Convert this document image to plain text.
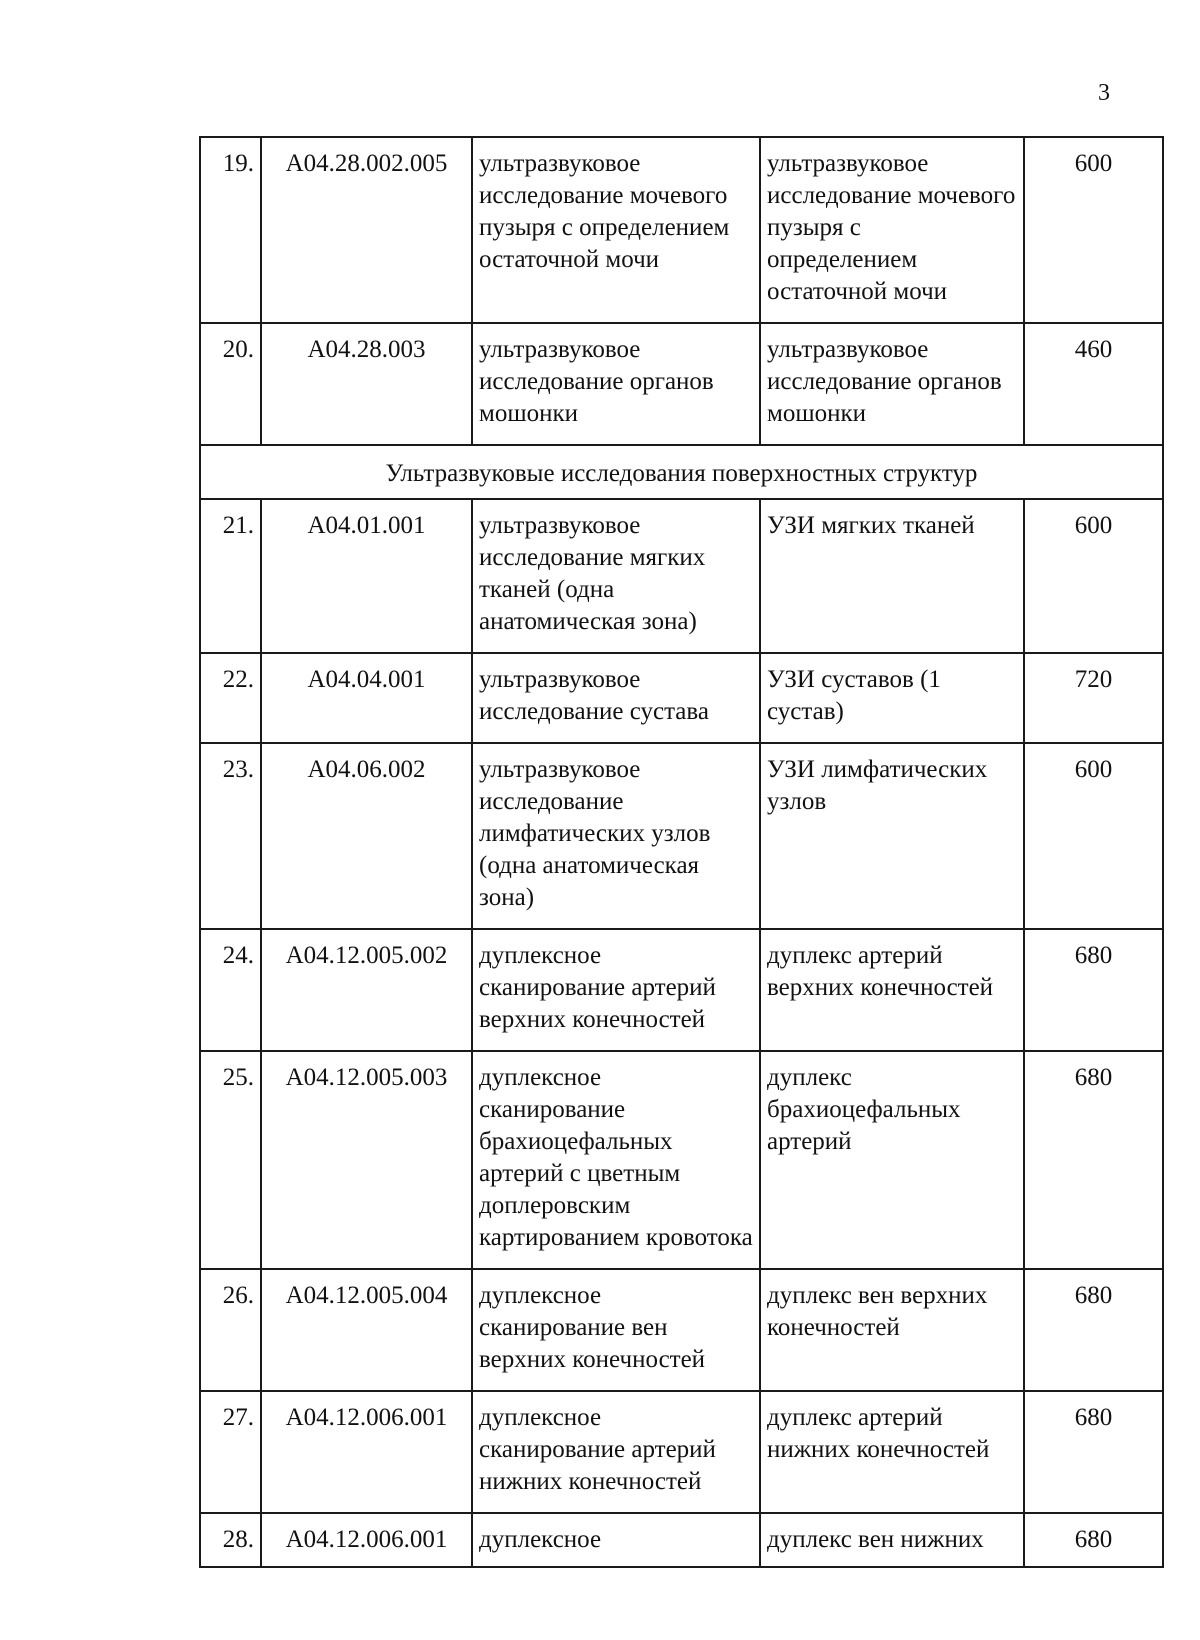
3
19.	A04.28.002.005	ультразвуковое исследование мочевого пузыря с определением остаточной мочи	ультразвуковое исследование мочевого пузыря с определением остаточной мочи	600
20.	A04.28.003	ультразвуковое исследование органов мошонки	ультразвуковое исследование органов мошонки	460
Ультразвуковые исследования поверхностных структур				
21.	A04.01.001	ультразвуковое исследование мягких тканей (одна анатомическая зона)	УЗИ мягких тканей	600
22.	A04.04.001	ультразвуковое исследование сустава	УЗИ суставов (1 сустав)	720
23.	A04.06.002	ультразвуковое исследование лимфатических узлов (одна анатомическая зона)	УЗИ лимфатических узлов	600
24.	A04.12.005.002	дуплексное сканирование артерий верхних конечностей	дуплекс артерий верхних конечностей	680
25.	A04.12.005.003	дуплексное сканирование брахиоцефальных артерий с цветным доплеровским картированием кровотока	дуплекс брахиоцефальных артерий	680
26.	A04.12.005.004	дуплексное сканирование вен верхних конечностей	дуплекс вен верхних конечностей	680
27.	A04.12.006.001	дуплексное сканирование артерий нижних конечностей	дуплекс артерий нижних конечностей	680
28.	A04.12.006.001	дуплексное	дуплекс вен нижних	680
